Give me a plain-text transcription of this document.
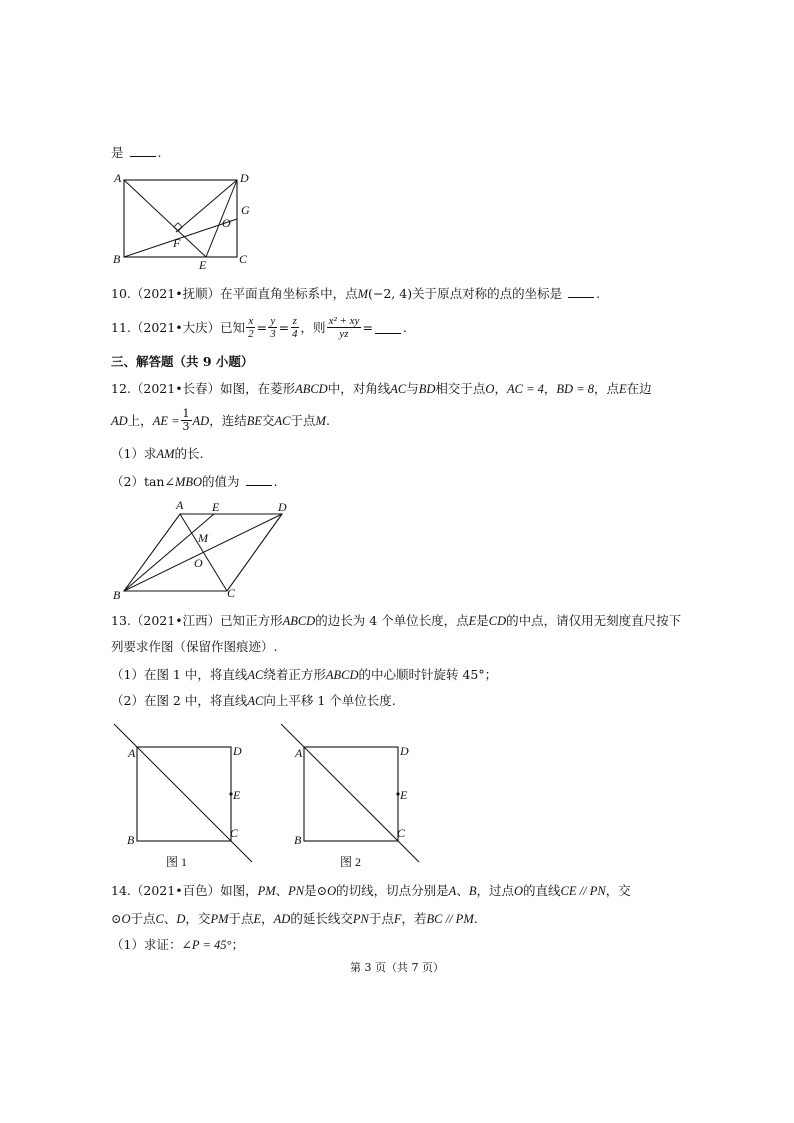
是	.
A	D
G
O
F
B	E	C
10.（2021•抚顺）在平面直角坐标系中，点M(−2, 4)关于原点对称的点的坐标是	.
11.（2021•大庆）已知 $\frac{x}{2} = \frac{y}{3} = \frac{z}{4}$ ，则 $\frac{\text{x² + xy}}{yz}$ = .
三、解答题（共 9 小题）
12.（2021•长春）如图，在菱形ABCD中，对角线AC与BD相交于点O，AC = 4，BD = 8，点E在边
AD 上， AE = $\frac{1}{3}$ AD ，连结 BE 交 AC 于点 M .
（1）求AM的长.
（2）tan∠MBO的值为	.
A E	D
M
O
B	C
13.（2021•江西）已知正方形ABCD的边长为 4 个单位长度，点E是CD的中点，请仅用无刻度直尺按下
列要求作图（保留作图痕迹）.
（1）在图 1 中，将直线AC绕着正方形ABCD的中心顺时针旋转 45°；
（2）在图 2 中，将直线AC向上平移 1 个单位长度.
A	D
E
B	C
图 1
A	D
E
B	C
图 2
14.（2021•百色）如图，PM、PN是⊙O的切线，切点分别是A、B，过点O的直线CE // PN，交
⊙O于点C、D，交PM于点E，AD的延长线交PN于点F，若BC // PM.
（1）求证：∠P = 45°；
第 3 页（共 7 页）
